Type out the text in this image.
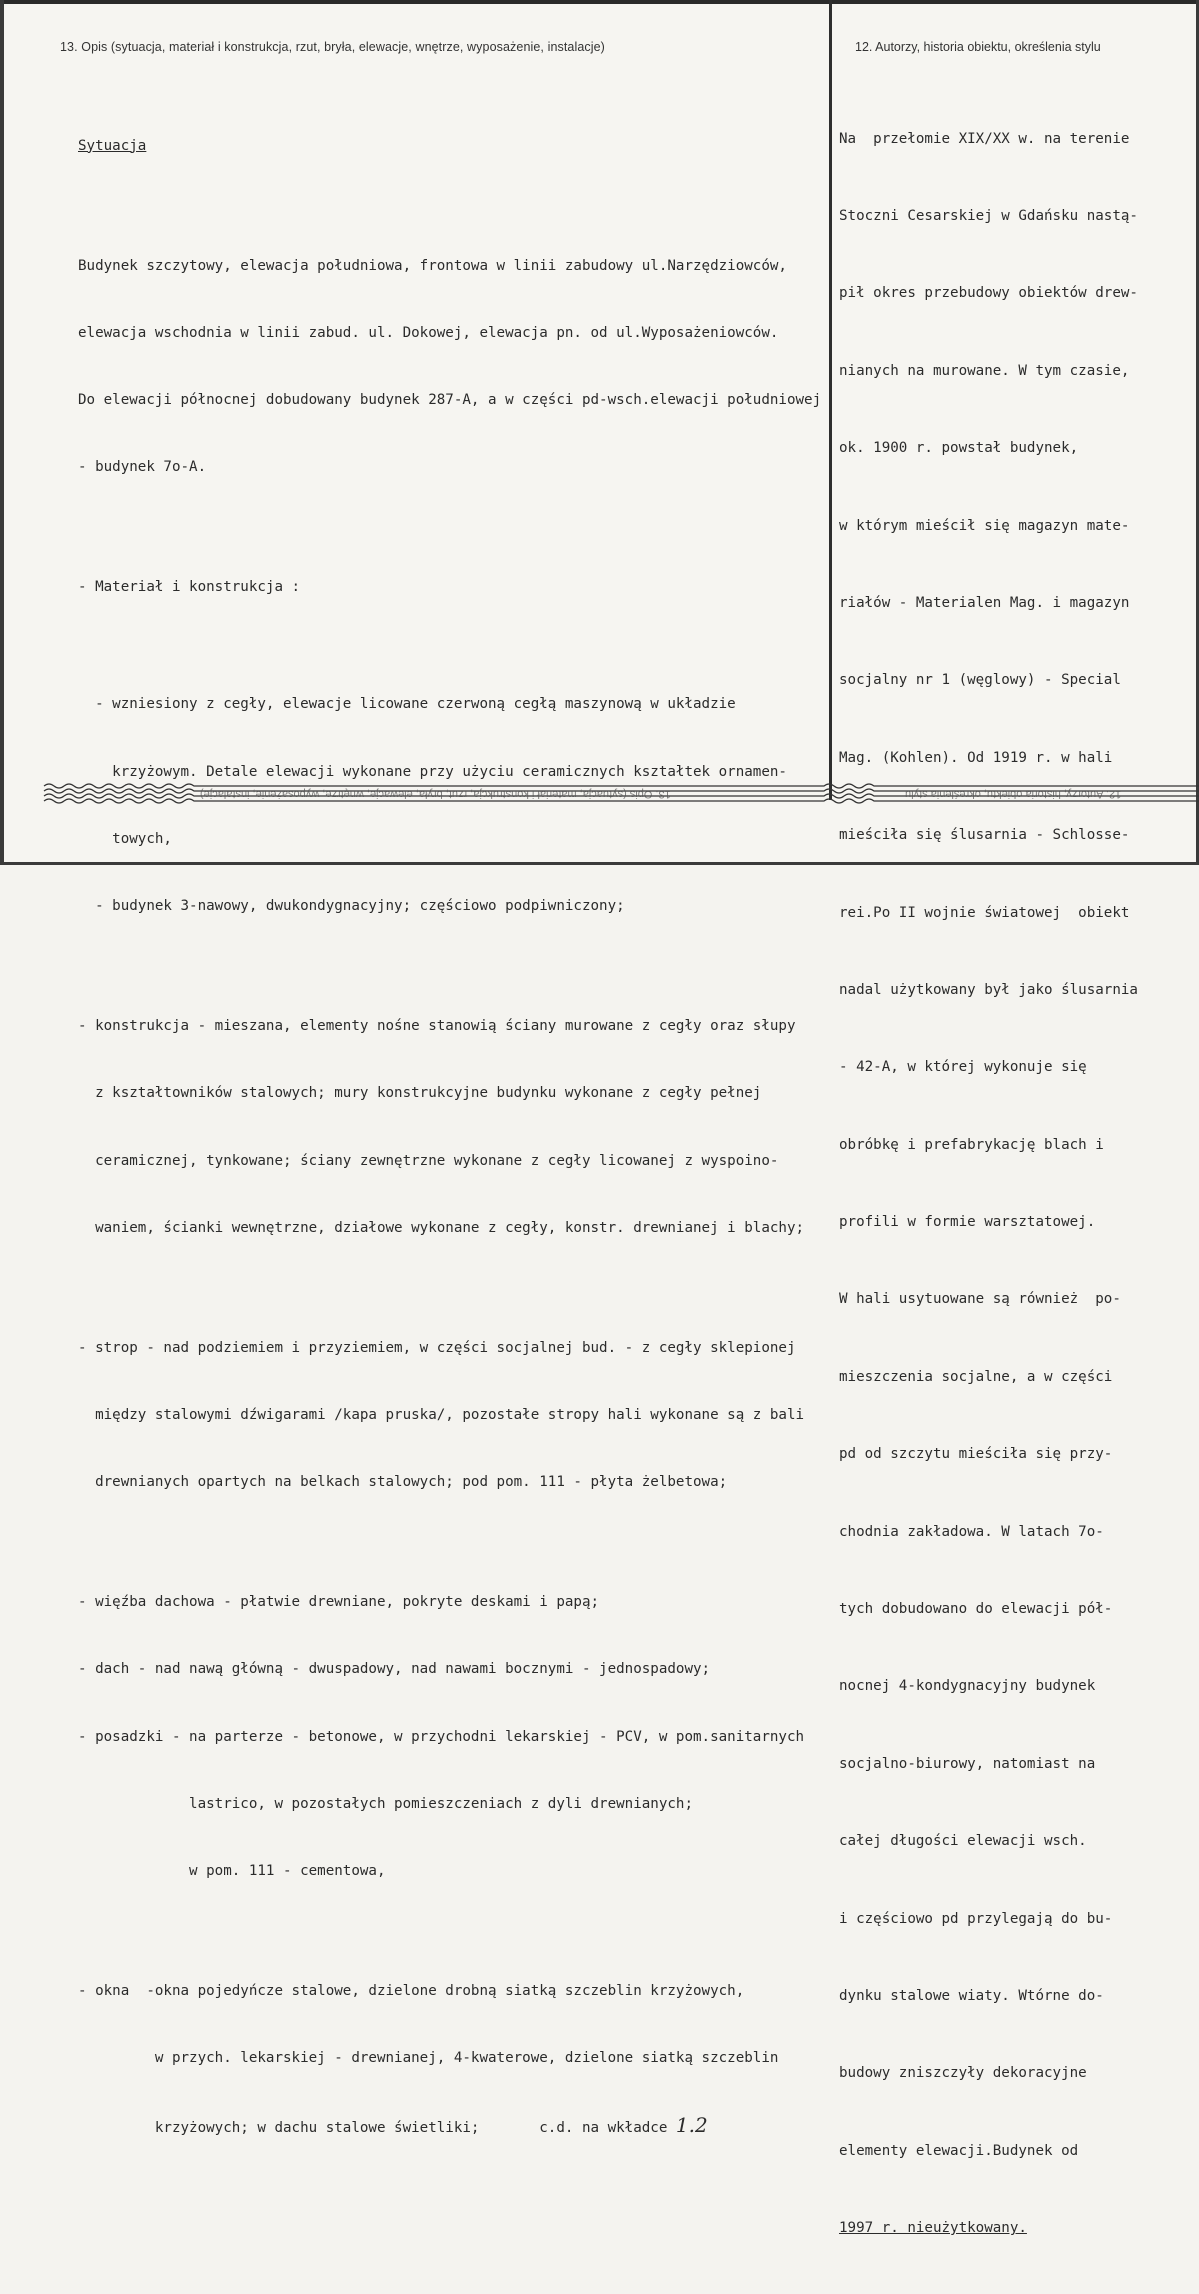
13. Opis (sytuacja, materiał i konstrukcja, rzut, bryła, elewacje, wnętrze, wyposażenie, instalacje)	12. Autorzy, historia obiektu, określenia stylu

Sytuacja

Budynek szczytowy, elewacja południowa, frontowa w linii zabudowy ul.Narzędziowców,

elewacja wschodnia w linii zabud. ul. Dokowej, elewacja pn. od ul.Wyposażeniowców.

Do elewacji północnej dobudowany budynek 287-A, a w części pd-wsch.elewacji południowej

- budynek 7o-A.

- Materiał i konstrukcja :

- wzniesiony z cegły, elewacje licowane czerwoną cegłą maszynową w układzie

krzyżowym. Detale elewacji wykonane przy użyciu ceramicznych kształtek ornamen-

towych,

- budynek 3-nawowy, dwukondygnacyjny; częściowo podpiwniczony;

- konstrukcja - mieszana, elementy nośne stanowią ściany murowane z cegły oraz słupy

z kształtowników stalowych; mury konstrukcyjne budynku wykonane z cegły pełnej

ceramicznej, tynkowane; ściany zewnętrzne wykonane z cegły licowanej z wyspoino-

waniem, ścianki wewnętrzne, działowe wykonane z cegły, konstr. drewnianej i blachy;

- strop - nad podziemiem i przyziemiem, w części socjalnej bud. - z cegły sklepionej

między stalowymi dźwigarami /kapa pruska/, pozostałe stropy hali wykonane są z bali

drewnianych opartych na belkach stalowych; pod pom. 111 - płyta żelbetowa;

- więźba dachowa - płatwie drewniane, pokryte deskami i papą;

- dach - nad nawą główną - dwuspadowy, nad nawami bocznymi - jednospadowy;

- posadzki - na parterze - betonowe, w przychodni lekarskiej - PCV, w pom.sanitarnych

lastrico, w pozostałych pomieszczeniach z dyli drewnianych;

w pom. 111 - cementowa,

- okna  -okna pojedyńcze stalowe, dzielone drobną siatką szczeblin krzyżowych,

w przych. lekarskiej - drewnianej, 4-kwaterowe, dzielone siatką szczeblin

krzyżowych; w dachu stalowe świetliki;       c.d. na wkładce 1.2

Na  przełomie XIX/XX w. na terenie

Stoczni Cesarskiej w Gdańsku nastą-

pił okres przebudowy obiektów drew-

nianych na murowane. W tym czasie,

ok. 1900 r. powstał budynek,

w którym mieścił się magazyn mate-

riałów - Materialen Mag. i magazyn

socjalny nr 1 (węglowy) - Special

Mag. (Kohlen). Od 1919 r. w hali

mieściła się ślusarnia - Schlosse-

rei.Po II wojnie światowej  obiekt

nadal użytkowany był jako ślusarnia

- 42-A, w której wykonuje się

obróbkę i prefabrykację blach i

profili w formie warsztatowej.

W hali usytuowane są również  po-

mieszczenia socjalne, a w części

pd od szczytu mieściła się przy-

chodnia zakładowa. W latach 7o-

tych dobudowano do elewacji pół-

nocnej 4-kondygnacyjny budynek

socjalno-biurowy, natomiast na

całej długości elewacji wsch.

i częściowo pd przylegają do bu-

dynku stalowe wiaty. Wtórne do-

budowy zniszczyły dekoracyjne

elementy elewacji.Budynek od

1997 r. nieużytkowany.

13. Opis (sytuacja, materiał i konstrukcja, rzut, bryła, elewacje, wnętrze, wyposażenie, instalacje)	12. Autorzy, historia obiektu, określenia stylu
